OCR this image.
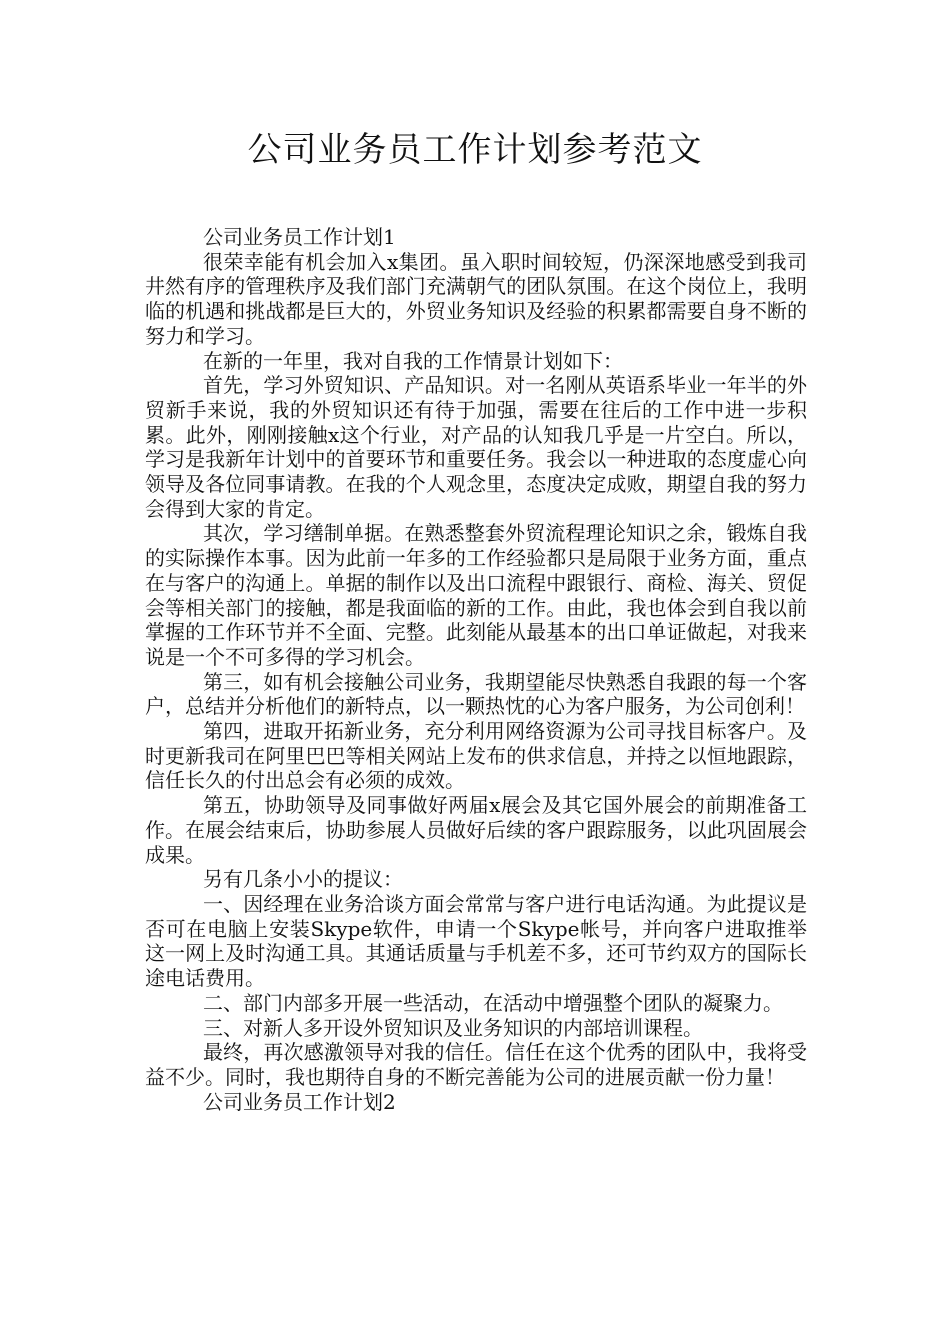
公司业务员工作计划参考范文

公司业务员工作计划1

很荣幸能有机会加入x集团。虽入职时间较短，仍深深地感受到我司井然有序的管理秩序及我们部门充满朝气的团队氛围。在这个岗位上，我明临的机遇和挑战都是巨大的，外贸业务知识及经验的积累都需要自身不断的努力和学习。

在新的一年里，我对自我的工作情景计划如下：

首先，学习外贸知识、产品知识。对一名刚从英语系毕业一年半的外贸新手来说，我的外贸知识还有待于加强，需要在往后的工作中进一步积累。此外，刚刚接触x这个行业，对产品的认知我几乎是一片空白。所以，学习是我新年计划中的首要环节和重要任务。我会以一种进取的态度虚心向领导及各位同事请教。在我的个人观念里，态度决定成败，期望自我的努力会得到大家的肯定。

其次，学习缮制单据。在熟悉整套外贸流程理论知识之余，锻炼自我的实际操作本事。因为此前一年多的工作经验都只是局限于业务方面，重点在与客户的沟通上。单据的制作以及出口流程中跟银行、商检、海关、贸促会等相关部门的接触，都是我面临的新的工作。由此，我也体会到自我以前掌握的工作环节并不全面、完整。此刻能从最基本的出口单证做起，对我来说是一个不可多得的学习机会。

第三，如有机会接触公司业务，我期望能尽快熟悉自我跟的每一个客户，总结并分析他们的新特点，以一颗热忱的心为客户服务，为公司创利！

第四，进取开拓新业务，充分利用网络资源为公司寻找目标客户。及时更新我司在阿里巴巴等相关网站上发布的供求信息，并持之以恒地跟踪，信任长久的付出总会有必须的成效。

第五，协助领导及同事做好两届x展会及其它国外展会的前期准备工作。在展会结束后，协助参展人员做好后续的客户跟踪服务，以此巩固展会成果。

另有几条小小的提议：

一、因经理在业务洽谈方面会常常与客户进行电话沟通。为此提议是否可在电脑上安装Skype软件，申请一个Skype帐号，并向客户进取推举这一网上及时沟通工具。其通话质量与手机差不多，还可节约双方的国际长途电话费用。

二、部门内部多开展一些活动，在活动中增强整个团队的凝聚力。

三、对新人多开设外贸知识及业务知识的内部培训课程。

最终，再次感激领导对我的信任。信任在这个优秀的团队中，我将受益不少。同时，我也期待自身的不断完善能为公司的进展贡献一份力量！

公司业务员工作计划2
